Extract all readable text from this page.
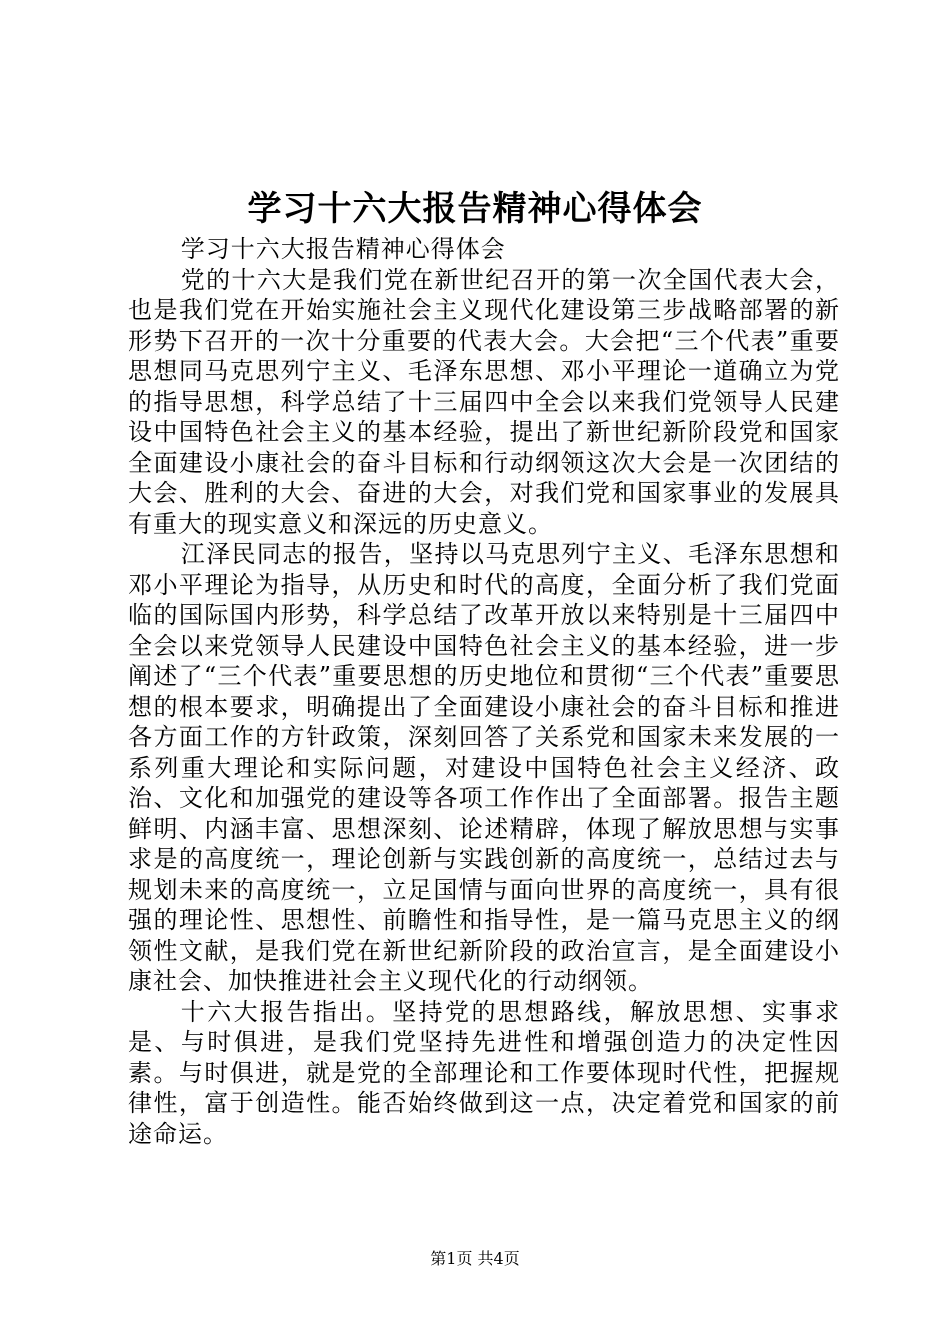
学习十六大报告精神心得体会

学习十六大报告精神心得体会

党的十六大是我们党在新世纪召开的第一次全国代表大会，也是我们党在开始实施社会主义现代化建设第三步战略部署的新形势下召开的一次十分重要的代表大会。大会把“三个代表”重要思想同马克思列宁主义、毛泽东思想、邓小平理论一道确立为党的指导思想，科学总结了十三届四中全会以来我们党领导人民建设中国特色社会主义的基本经验，提出了新世纪新阶段党和国家全面建设小康社会的奋斗目标和行动纲领这次大会是一次团结的大会、胜利的大会、奋进的大会，对我们党和国家事业的发展具有重大的现实意义和深远的历史意义。

江泽民同志的报告，坚持以马克思列宁主义、毛泽东思想和邓小平理论为指导，从历史和时代的高度，全面分析了我们党面临的国际国内形势，科学总结了改革开放以来特别是十三届四中全会以来党领导人民建设中国特色社会主义的基本经验，进一步阐述了“三个代表”重要思想的历史地位和贯彻“三个代表”重要思想的根本要求，明确提出了全面建设小康社会的奋斗目标和推进各方面工作的方针政策，深刻回答了关系党和国家未来发展的一系列重大理论和实际问题，对建设中国特色社会主义经济、政治、文化和加强党的建设等各项工作作出了全面部署。报告主题鲜明、内涵丰富、思想深刻、论述精辟，体现了解放思想与实事求是的高度统一，理论创新与实践创新的高度统一，总结过去与规划未来的高度统一，立足国情与面向世界的高度统一，具有很强的理论性、思想性、前瞻性和指导性，是一篇马克思主义的纲领性文献，是我们党在新世纪新阶段的政治宣言，是全面建设小康社会、加快推进社会主义现代化的行动纲领。

十六大报告指出。坚持党的思想路线，解放思想、实事求是、与时俱进，是我们党坚持先进性和增强创造力的决定性因素。与时俱进，就是党的全部理论和工作要体现时代性，把握规律性，富于创造性。能否始终做到这一点，决定着党和国家的前途命运。

第1页 共4页
